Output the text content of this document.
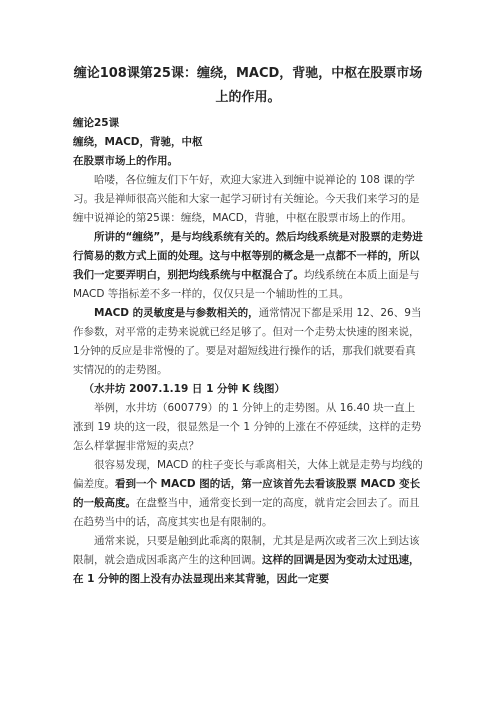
缠论108课第25课：缠绕，MACD，背驰，中枢在股票市场
上的作用。

缠论25课

缠绕，MACD，背驰，中枢

在股票市场上的作用。

哈喽，各位缠友们下午好，欢迎大家进入到缠中说禅论的 108 课的学习。我是禅师很高兴能和大家一起学习研讨有关缠论。今天我们来学习的是缠中说禅论的第25课：缠绕，MACD，背驰，中枢在股票市场上的作用。

所讲的“缠绕”，是与均线系统有关的。然后均线系统是对股票的走势进行简易的数方式上面的处理。这与中枢等别的概念是一点都不一样的，所以我们一定要弄明白，别把均线系统与中枢混合了。均线系统在本质上面是与 MACD 等指标差不多一样的，仅仅只是一个辅助性的工具。

MACD 的灵敏度是与参数相关的，通常情况下都是采用 12、26、9当作参数，对平常的走势来说就已经足够了。但对一个走势太快速的图来说，1分钟的反应是非常慢的了。要是对超短线进行操作的话，那我们就要看真实情况的的走势图。

（水井坊 2007.1.19 日 1 分钟 K 线图）

举例，水井坊（600779）的 1 分钟上的走势图。从 16.40 块一直上涨到 19 块的这一段，很显然是一个 1 分钟的上涨在不停延续，这样的走势怎么样掌握非常短的卖点？

很容易发现，MACD 的柱子变长与乖离相关，大体上就是走势与均线的偏差度。看到一个 MACD 图的话，第一应该首先去看该股票 MACD 变长的一般高度。在盘整当中，通常变长到一定的高度，就肯定会回去了。而且在趋势当中的话，高度其实也是有限制的。

通常来说，只要是触到此乖离的限制，尤其是是两次或者三次上到达该限制，就会造成因乖离产生的这种回调。这样的回调是因为变动太过迅速，在 1 分钟的图上没有办法显现出来其背驰，因此一定要
